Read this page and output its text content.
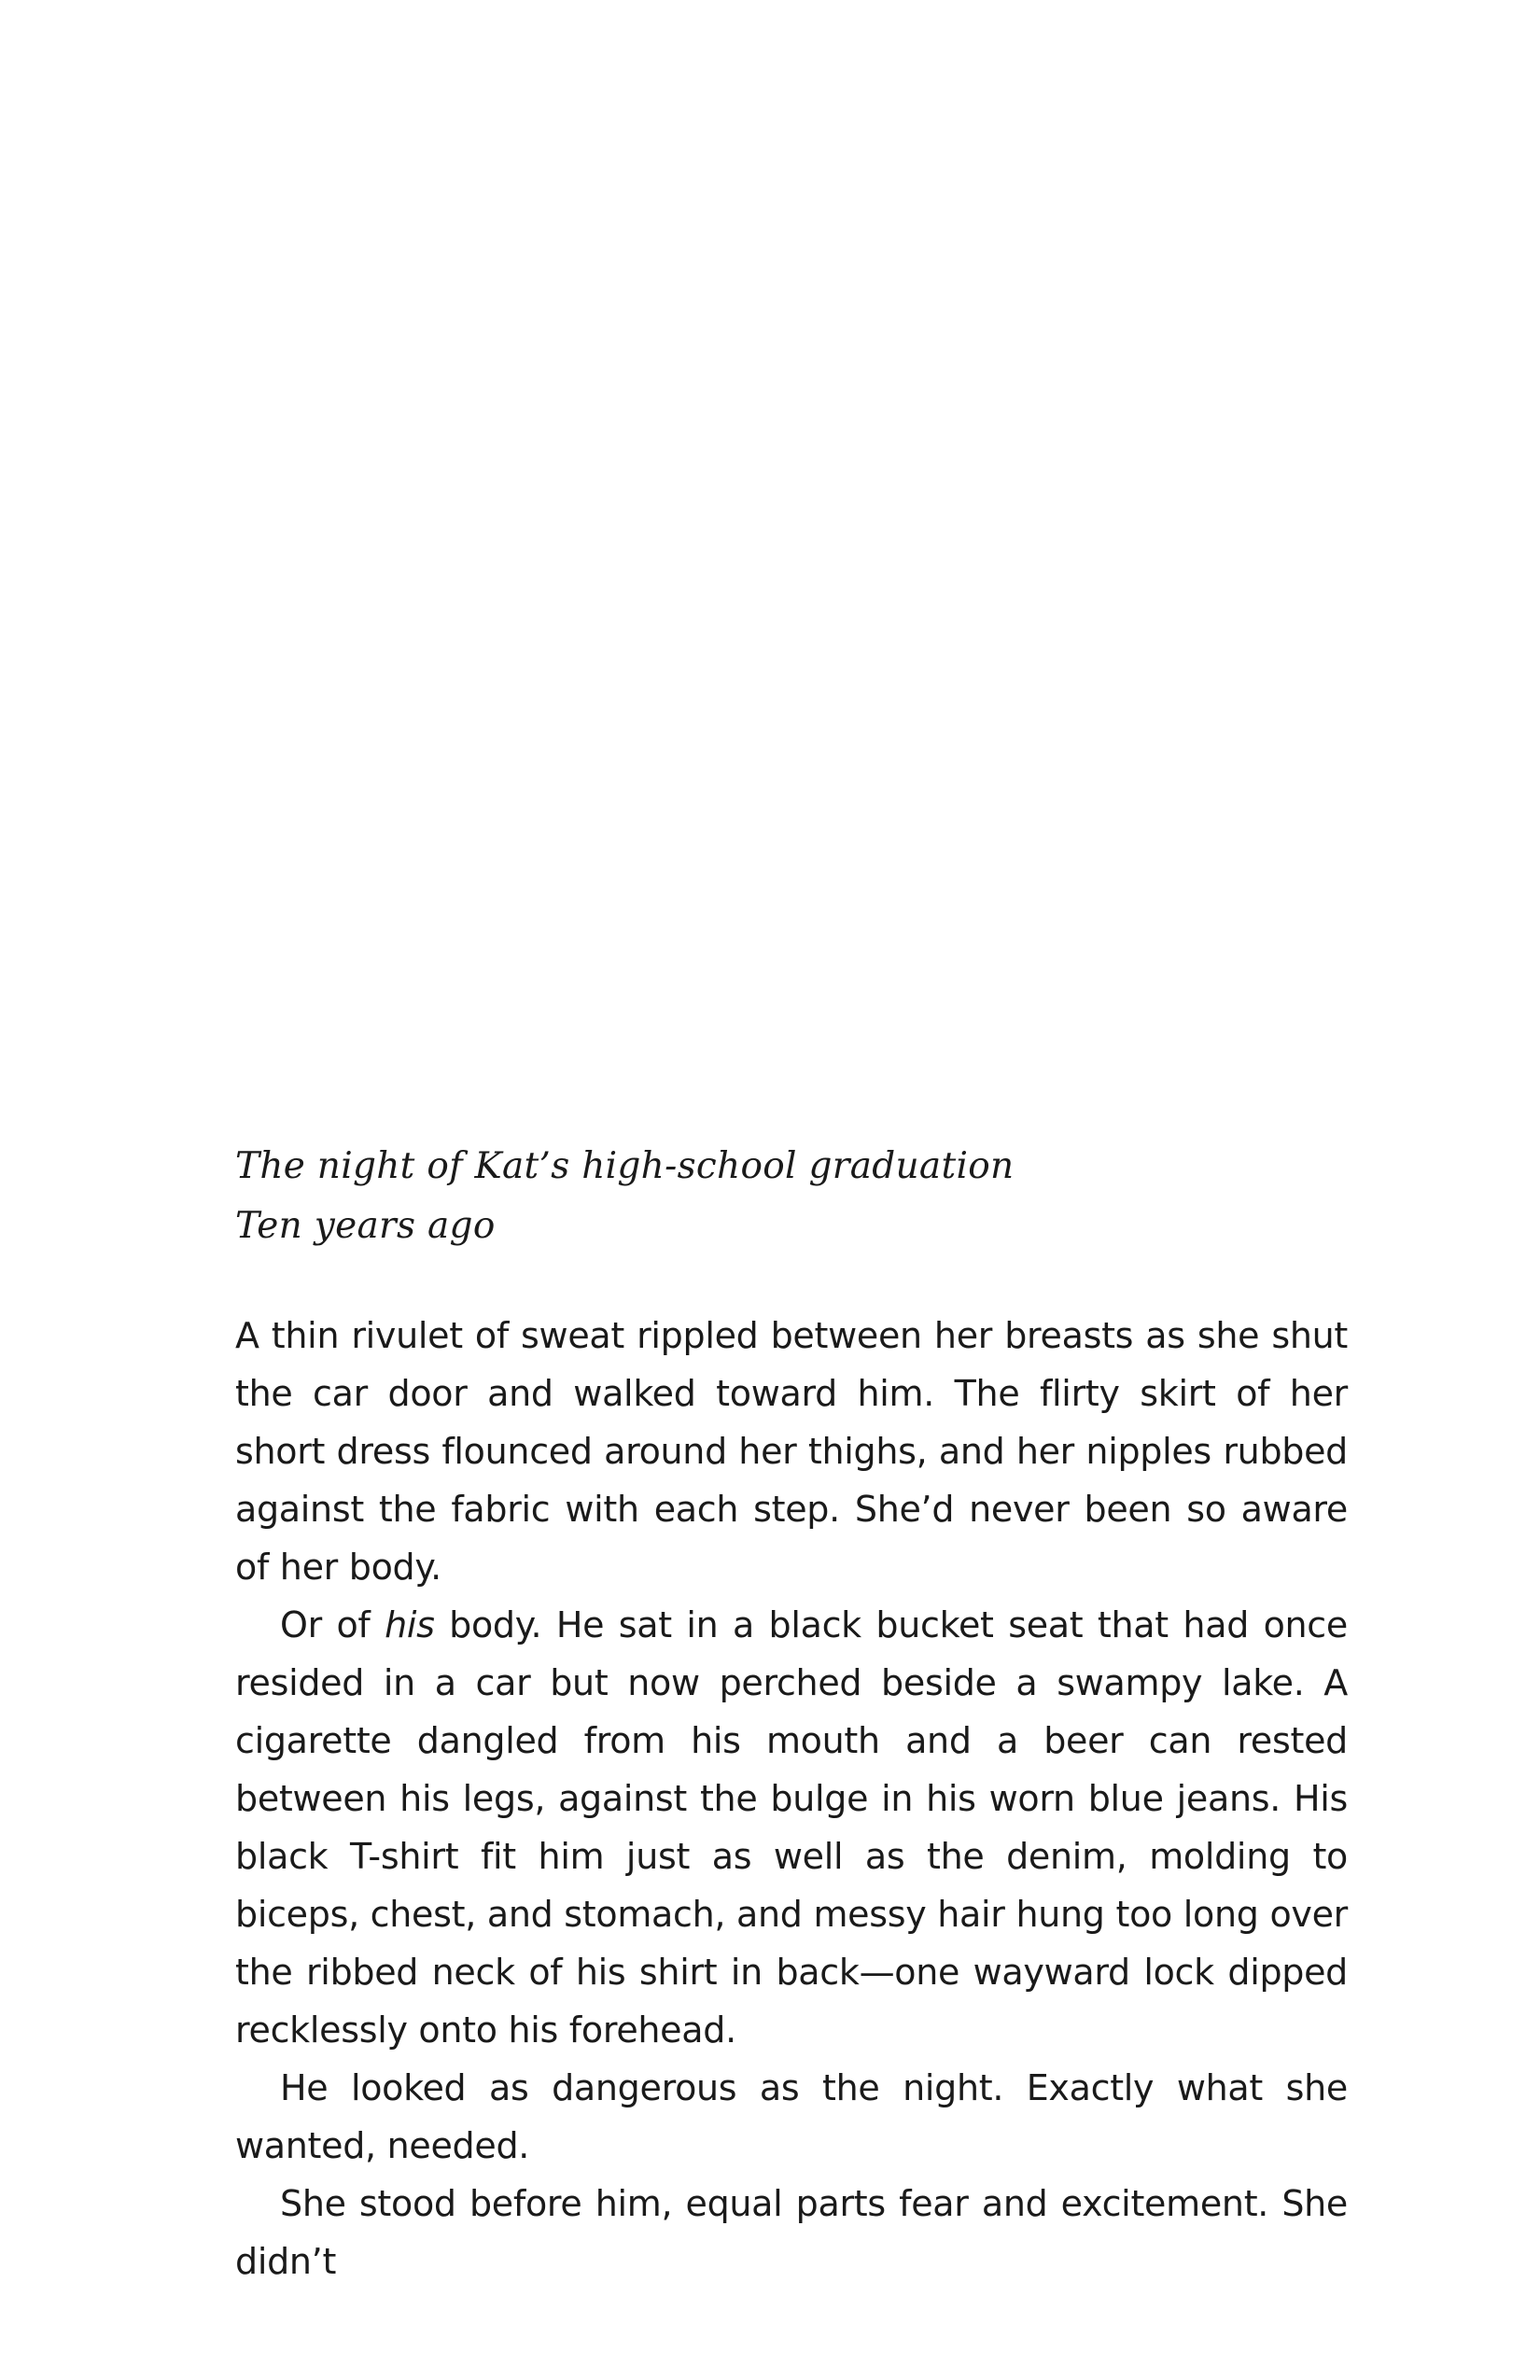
The night of Kat’s high-school graduation
Ten years ago

A thin rivulet of sweat rippled between her breasts as she shut the car door and walked toward him. The flirty skirt of her short dress flounced around her thighs, and her nipples rubbed against the fabric with each step. She’d never been so aware of her body.

Or of his body. He sat in a black bucket seat that had once resided in a car but now perched beside a swampy lake. A cigarette dangled from his mouth and a beer can rested between his legs, against the bulge in his worn blue jeans. His black T-shirt fit him just as well as the denim, molding to biceps, chest, and stomach, and messy hair hung too long over the ribbed neck of his shirt in back—one wayward lock dipped recklessly onto his forehead.

He looked as dangerous as the night. Exactly what she wanted, needed.

She stood before him, equal parts fear and excitement. She didn’t
